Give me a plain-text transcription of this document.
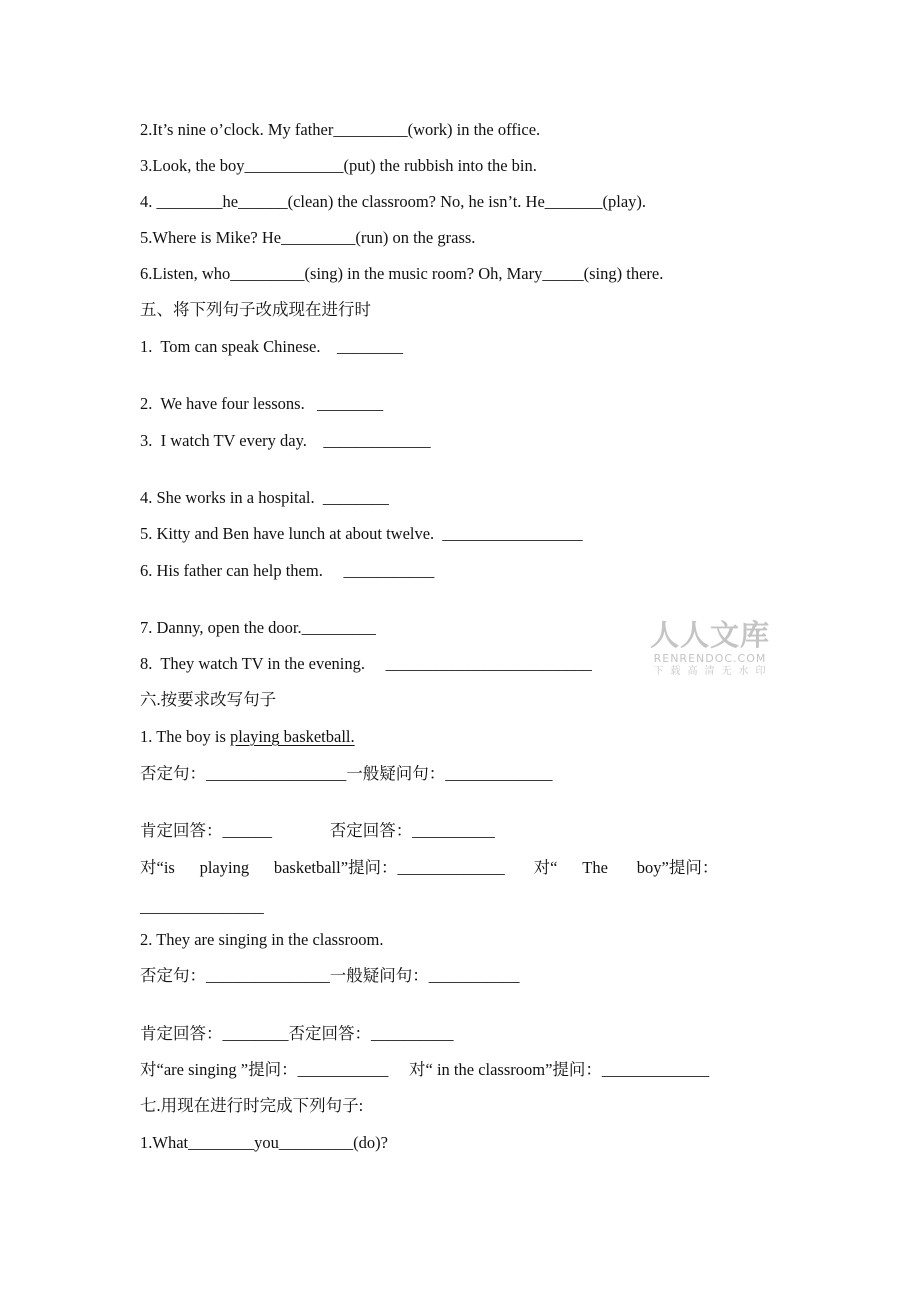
2.It’s nine o’clock. My father_________(work) in the office.

3.Look, the boy____________(put) the rubbish into the bin.

4. ________he______(clean) the classroom? No, he isn’t. He_______(play).

5.Where is Mike? He_________(run) on the grass.

6.Listen, who_________(sing) in the music room? Oh, Mary_____(sing) there.

五、将下列句子改成现在进行时

1.  Tom can speak Chinese.    ________

2.  We have four lessons.   ________

3.  I watch TV every day.    _____________

4. She works in a hospital.  ________

5. Kitty and Ben have lunch at about twelve.  _________________

6. His father can help them.     ___________

7. Danny, open the door._________

8.  They watch TV in the evening.     _________________________

六.按要求改写句子

1. The boy is playing basketball.

否定句：_________________一般疑问句：_____________

肯定回答：______              否定回答：__________

对“is      playing      basketball”提问：_____________       对“      The       boy”提问：

_______________

2. They are singing in the classroom.

否定句：_______________一般疑问句：___________

肯定回答：________否定回答：__________

对“are singing ”提问：___________     对“ in the classroom”提问：_____________

七.用现在进行时完成下列句子:

1.What________you_________(do)?

人人文库
RENRENDOC.COM
下载高清无水印
